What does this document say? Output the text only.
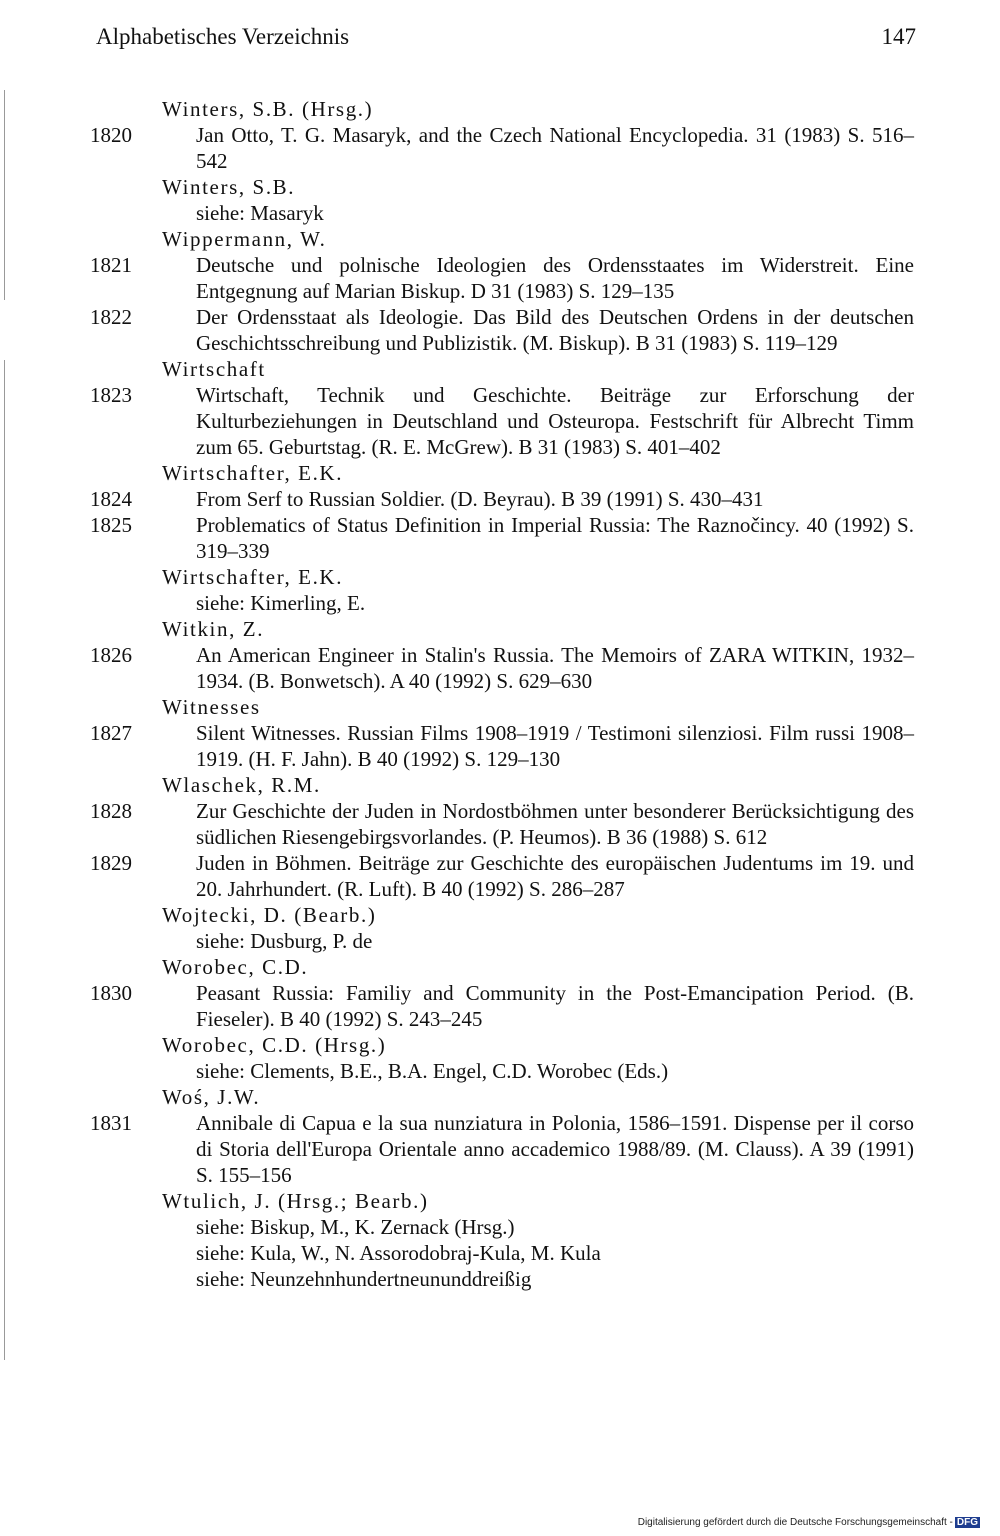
Alphabetisches Verzeichnis	147

Winters, S.B. (Hrsg.)

1820	Jan Otto, T. G. Masaryk, and the Czech National Encyclopedia. 31 (1983) S. 516–542

Winters, S.B.

siehe: Masaryk

Wippermann, W.

1821	Deutsche und polnische Ideologien des Ordensstaates im Widerstreit. Eine Entgegnung auf Marian Biskup. D 31 (1983) S. 129–135

1822	Der Ordensstaat als Ideologie. Das Bild des Deutschen Ordens in der deutschen Geschichtsschreibung und Publizistik. (M. Biskup). B 31 (1983) S. 119–129

Wirtschaft

1823	Wirtschaft, Technik und Geschichte. Beiträge zur Erforschung der Kulturbeziehungen in Deutschland und Osteuropa. Festschrift für Albrecht Timm zum 65. Geburtstag. (R. E. McGrew). B 31 (1983) S. 401–402

Wirtschafter, E.K.

1824	From Serf to Russian Soldier. (D. Beyrau). B 39 (1991) S. 430–431

1825	Problematics of Status Definition in Imperial Russia: The Raznočincy. 40 (1992) S. 319–339

Wirtschafter, E.K.

siehe: Kimerling, E.

Witkin, Z.

1826	An American Engineer in Stalin's Russia. The Memoirs of ZARA WITKIN, 1932–1934. (B. Bonwetsch). A 40 (1992) S. 629–630

Witnesses

1827	Silent Witnesses. Russian Films 1908–1919 / Testimoni silenziosi. Film russi 1908–1919. (H. F. Jahn). B 40 (1992) S. 129–130

Wlaschek, R.M.

1828	Zur Geschichte der Juden in Nordostböhmen unter besonderer Berücksichtigung des südlichen Riesengebirgsvorlandes. (P. Heumos). B 36 (1988) S. 612

1829	Juden in Böhmen. Beiträge zur Geschichte des europäischen Judentums im 19. und 20. Jahrhundert. (R. Luft). B 40 (1992) S. 286–287

Wojtecki, D. (Bearb.)

siehe: Dusburg, P. de

Worobec, C.D.

1830	Peasant Russia: Familiy and Community in the Post-Emancipation Period. (B. Fieseler). B 40 (1992) S. 243–245

Worobec, C.D. (Hrsg.)

siehe: Clements, B.E., B.A. Engel, C.D. Worobec (Eds.)

Woś, J.W.

1831	Annibale di Capua e la sua nunziatura in Polonia, 1586–1591. Dispense per il corso di Storia dell'Europa Orientale anno accademico 1988/89. (M. Clauss). A 39 (1991) S. 155–156

Wtulich, J. (Hrsg.; Bearb.)

siehe: Biskup, M., K. Zernack (Hrsg.)

siehe: Kula, W., N. Assorodobraj-Kula, M. Kula

siehe: Neunzehnhundertneununddreißig

Digitalisierung gefördert durch die Deutsche Forschungsgemeinschaft - DFG
